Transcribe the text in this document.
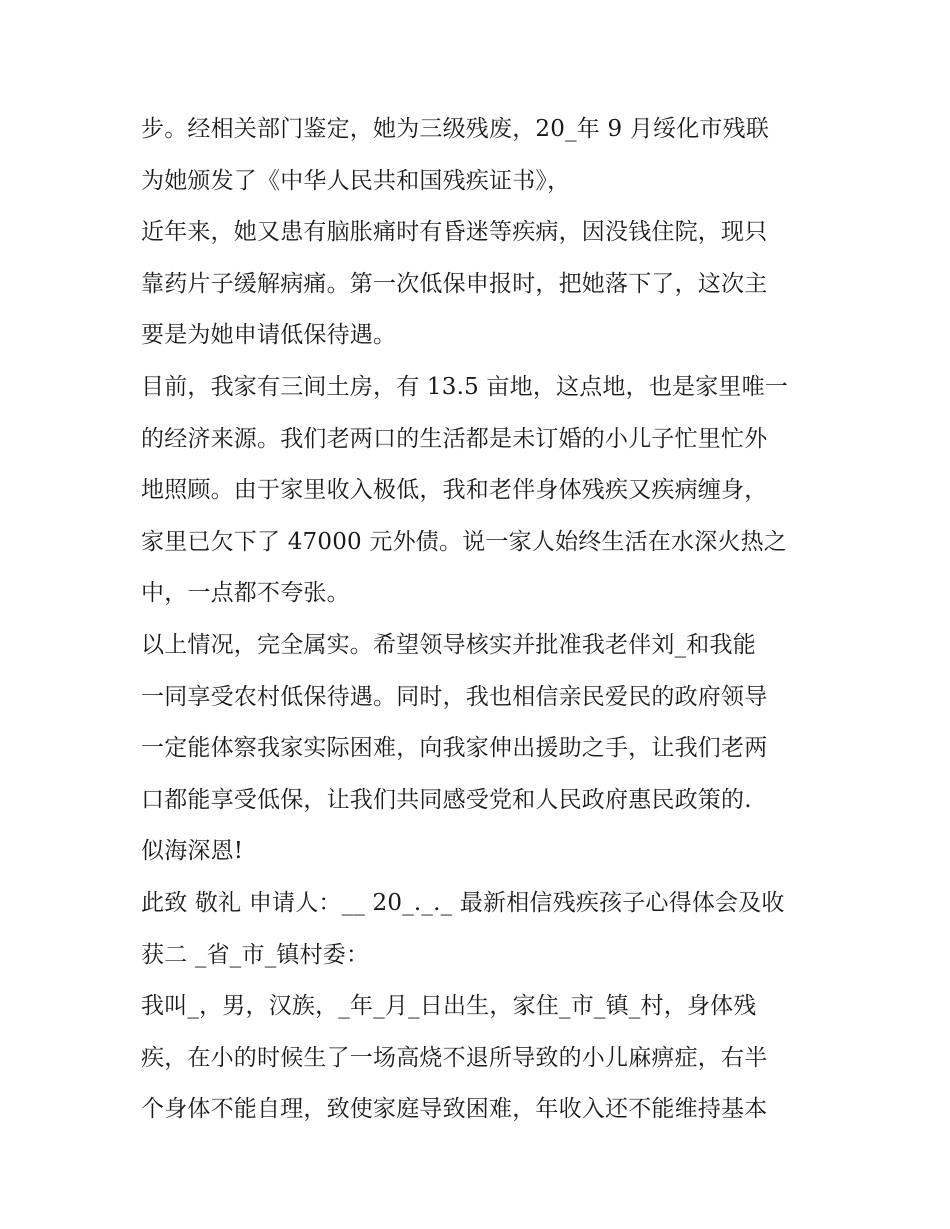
步。经相关部门鉴定，她为三级残废，20_年 9 月绥化市残联
为她颁发了《中华人民共和国残疾证书》，
近年来，她又患有脑胀痛时有昏迷等疾病，因没钱住院，现只
靠药片子缓解病痛。第一次低保申报时，把她落下了，这次主
要是为她申请低保待遇。
目前，我家有三间土房，有 13.5 亩地，这点地，也是家里唯一
的经济来源。我们老两口的生活都是未订婚的小儿子忙里忙外
地照顾。由于家里收入极低，我和老伴身体残疾又疾病缠身，
家里已欠下了 47000 元外债。说一家人始终生活在水深火热之
中，一点都不夸张。
以上情况，完全属实。希望领导核实并批准我老伴刘_和我能
一同享受农村低保待遇。同时，我也相信亲民爱民的政府领导
一定能体察我家实际困难，向我家伸出援助之手，让我们老两
口都能享受低保，让我们共同感受党和人民政府惠民政策的.
似海深恩!
此致 敬礼 申请人：__ 20_._._ 最新相信残疾孩子心得体会及收
获二 _省_市_镇村委：
我叫_，男，汉族，_年_月_日出生，家住_市_镇_村，身体残
疾，在小的时候生了一场高烧不退所导致的小儿麻痹症，右半
个身体不能自理，致使家庭导致困难，年收入还不能维持基本
